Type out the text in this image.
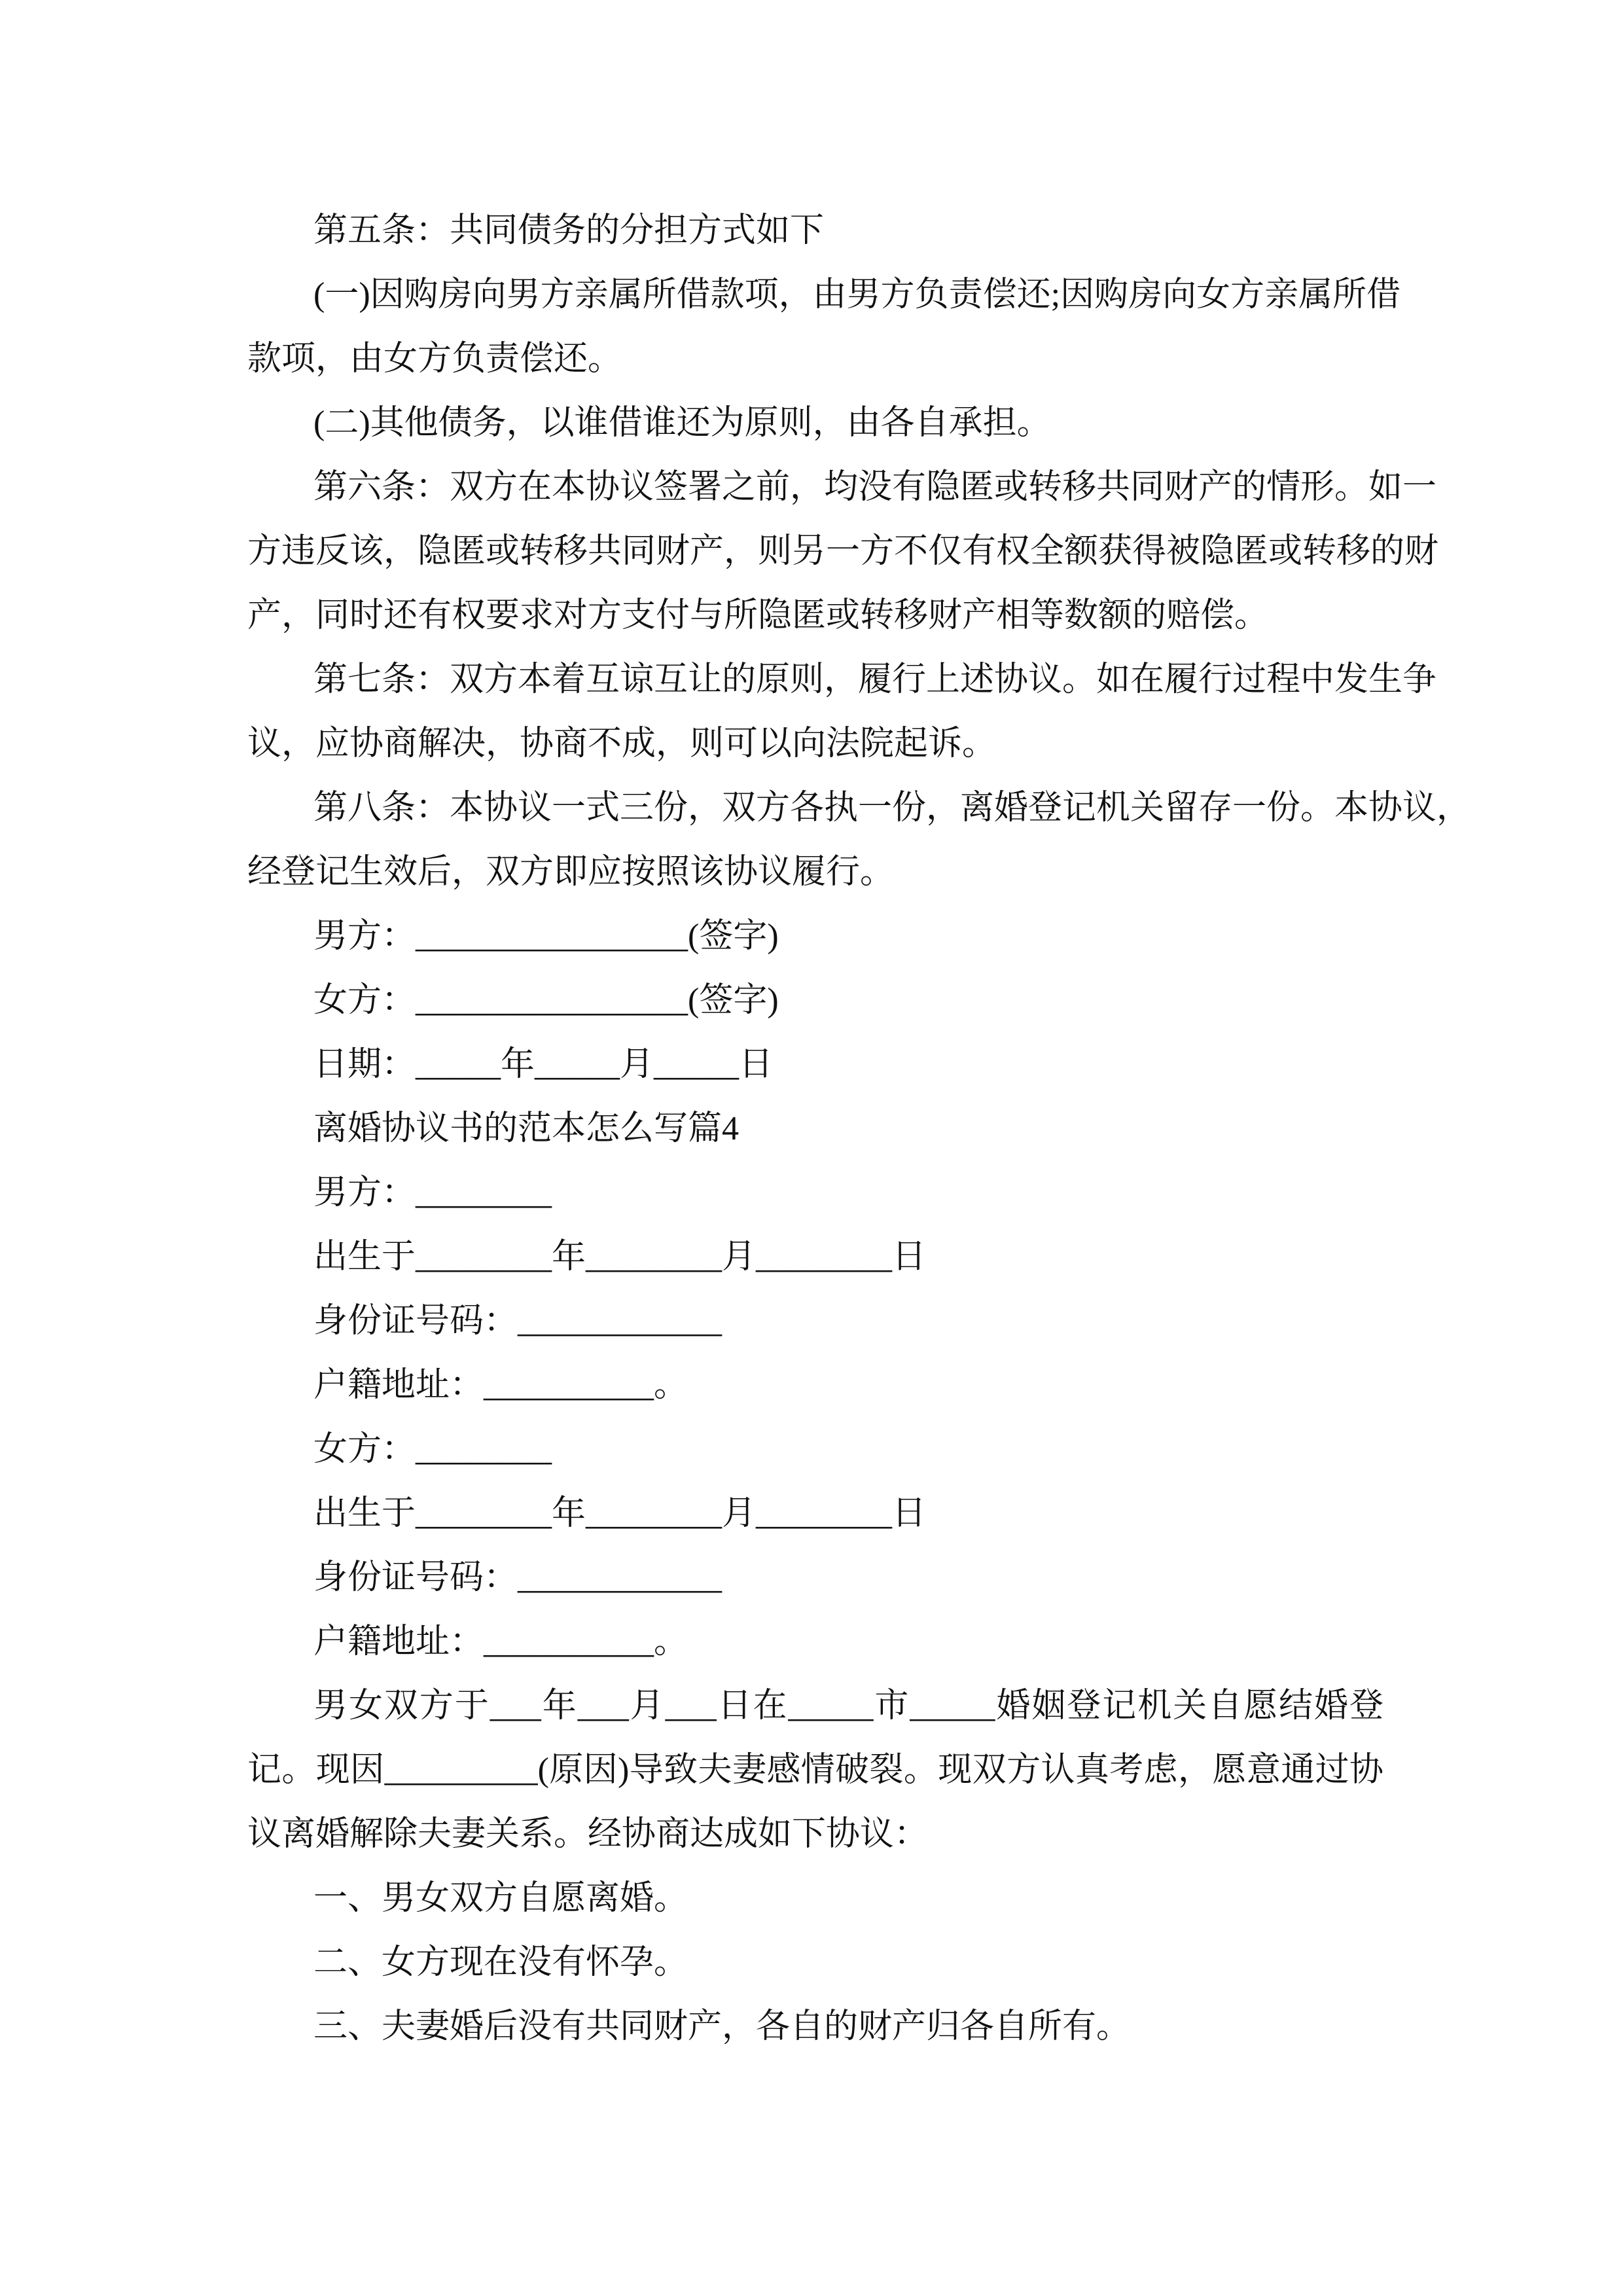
第五条：共同债务的分担方式如下
(一)因购房向男方亲属所借款项，由男方负责偿还;因购房向女方亲属所借
款项，由女方负责偿还。
(二)其他债务，以谁借谁还为原则，由各自承担。
第六条：双方在本协议签署之前，均没有隐匿或转移共同财产的情形。如一
方违反该，隐匿或转移共同财产，则另一方不仅有权全额获得被隐匿或转移的财
产，同时还有权要求对方支付与所隐匿或转移财产相等数额的赔偿。
第七条：双方本着互谅互让的原则，履行上述协议。如在履行过程中发生争
议，应协商解决，协商不成，则可以向法院起诉。
第八条：本协议一式三份，双方各执一份，离婚登记机关留存一份。本协议，
经登记生效后，双方即应按照该协议履行。
男方：________________(签字)
女方：________________(签字)
日期：_____年_____月_____日
离婚协议书的范本怎么写篇4
男方：________
出生于________年________月________日
身份证号码：____________
户籍地址：__________。
女方：________
出生于________年________月________日
身份证号码：____________
户籍地址：__________。
男女双方于___年___月___日在_____市_____婚姻登记机关自愿结婚登
记。现因_________(原因)导致夫妻感情破裂。现双方认真考虑，愿意通过协
议离婚解除夫妻关系。经协商达成如下协议：
一、男女双方自愿离婚。
二、女方现在没有怀孕。
三、夫妻婚后没有共同财产，各自的财产归各自所有。
